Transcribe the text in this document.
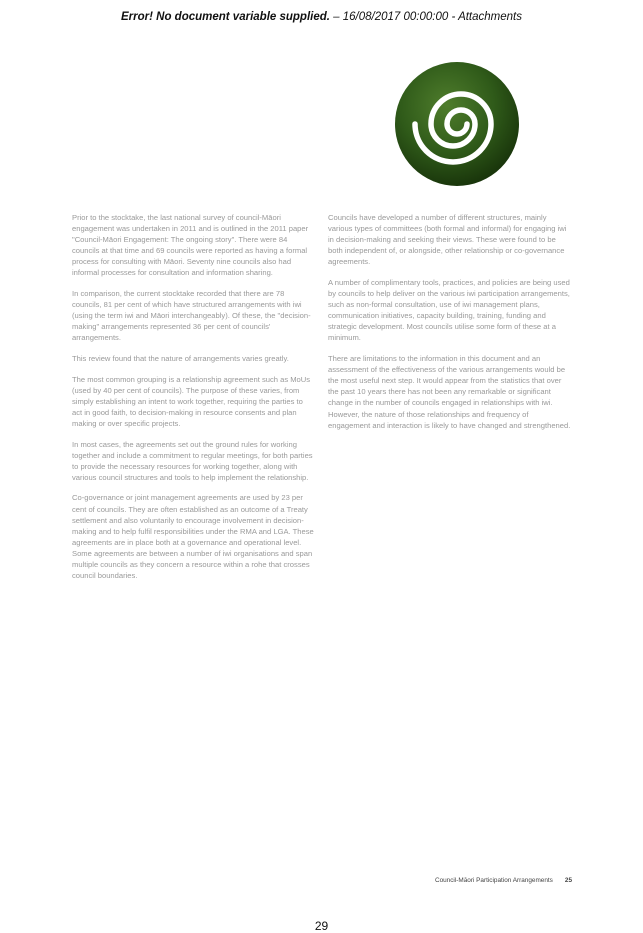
Error! No document variable supplied. – 16/08/2017 00:00:00 - Attachments

Prior to the stocktake, the last national survey of council-Māori engagement was undertaken in 2011 and is outlined in the 2011 paper "Council-Māori Engagement: The ongoing story". There were 84 councils at that time and 69 councils were reported as having a formal process for consulting with Māori. Seventy nine councils also had informal processes for consultation and information sharing.

In comparison, the current stocktake recorded that there are 78 councils, 81 per cent of which have structured arrangements with iwi (using the term iwi and Māori interchangeably). Of these, the "decision-making" arrangements represented 36 per cent of councils' arrangements.

This review found that the nature of arrangements varies greatly.

The most common grouping is a relationship agreement such as MoUs (used by 40 per cent of councils). The purpose of these varies, from simply establishing an intent to work together, requiring the parties to act in good faith, to decision-making in resource consents and plan making or over specific projects.

In most cases, the agreements set out the ground rules for working together and include a commitment to regular meetings, for both parties to provide the necessary resources for working together, along with various council structures and tools to help implement the relationship.

Co-governance or joint management agreements are used by 23 per cent of councils. They are often established as an outcome of a Treaty settlement and also voluntarily to encourage involvement in decision-making and to help fulfil responsibilities under the RMA and LGA. These agreements are in place both at a governance and operational level. Some agreements are between a number of iwi organisations and span multiple councils as they concern a resource within a rohe that crosses council boundaries.

Councils have developed a number of different structures, mainly various types of committees (both formal and informal) for engaging iwi in decision-making and seeking their views. These were found to be both independent of, or alongside, other relationship or co-governance agreements.

A number of complimentary tools, practices, and policies are being used by councils to help deliver on the various iwi participation arrangements, such as non-formal consultation, use of iwi management plans, communication initiatives, capacity building, training, funding and strategic development. Most councils utilise some form of these at a minimum.

There are limitations to the information in this document and an assessment of the effectiveness of the various arrangements would be the most useful next step. It would appear from the statistics that over the past 10 years there has not been any remarkable or significant change in the number of councils engaged in relationships with iwi. However, the nature of those relationships and frequency of engagement and interaction is likely to have changed and strengthened.

Council-Māori Participation Arrangements 25
29
